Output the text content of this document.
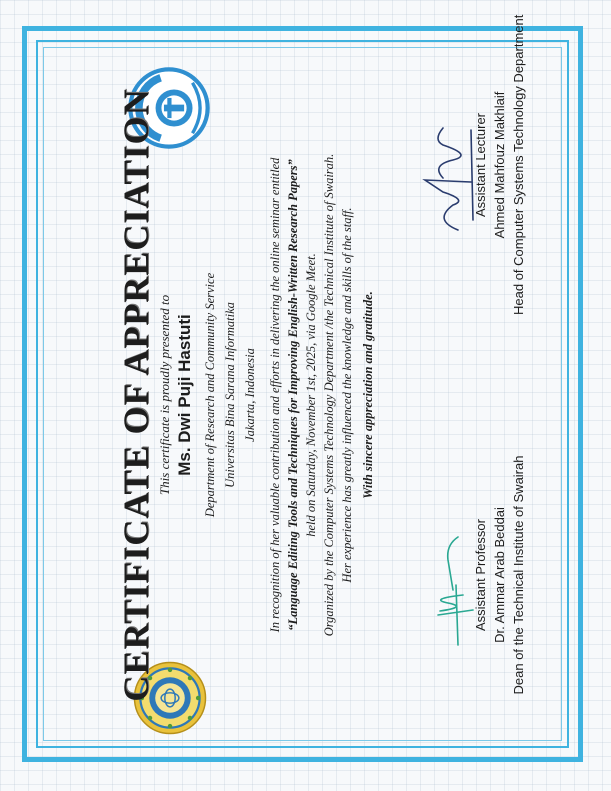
CERTIFICATE OF APPRECIATION This certificate is proudly presented to Ms. Dwi Puji Hastuti Department of Research and Community Service Universitas Bina Sarana Informatika Jakarta, Indonesia In recognition of her valuable contribution and efforts in delivering the online seminar entitled “Language Editing Tools and Techniques for Improving English-Written Research Papers” held on Saturday, November 1st, 2025, via Google Meet. Organized by the Computer Systems Technology Department /the Technical Institute of Swairah. Her experience has greatly influenced the knowledge and skills of the staff. With sincere appreciation and gratitude.
Assistant Professor Dr. Ammar Arab Beddai Dean of the Technical Institute of Swairah
Assistant Lecturer Ahmed Mahfouz Makhlaif Head of Computer Systems Technology Department
